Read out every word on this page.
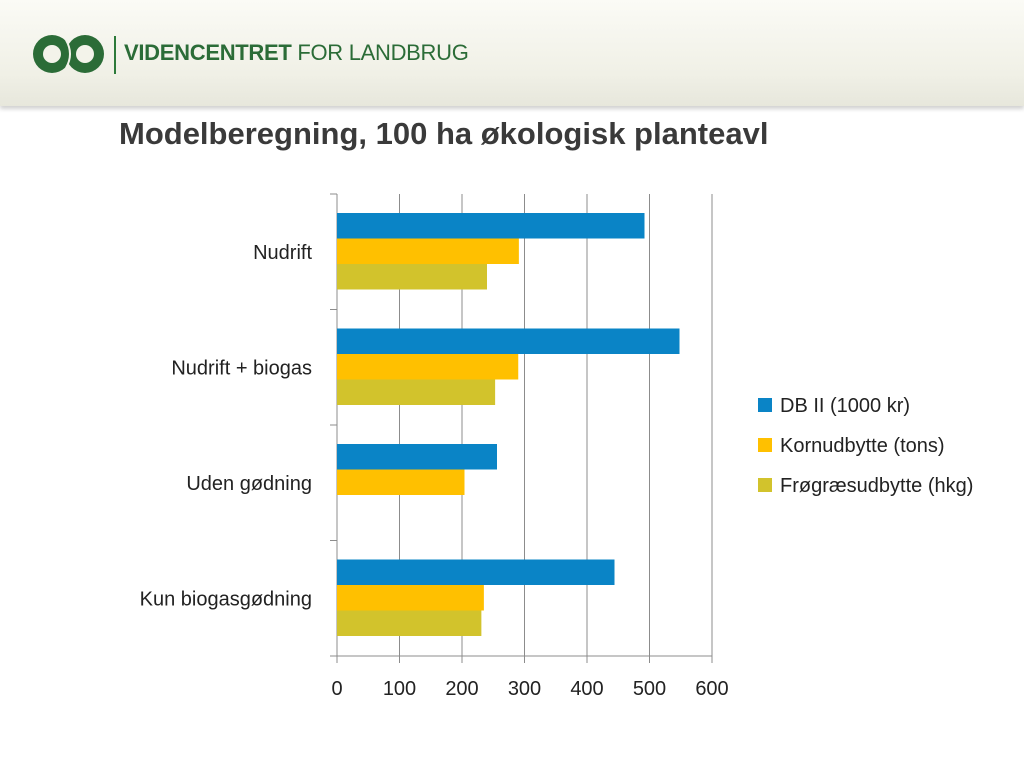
VIDENCENTRET FOR LANDBRUG
Modelberegning, 100 ha økologisk planteavl
0 100 200 300 400 500 600
Nudrift
Nudrift + biogas
Uden gødning
Kun biogasgødning
DB II (1000 kr)
Kornudbytte (tons)
Frøgræsudbytte (hkg)
